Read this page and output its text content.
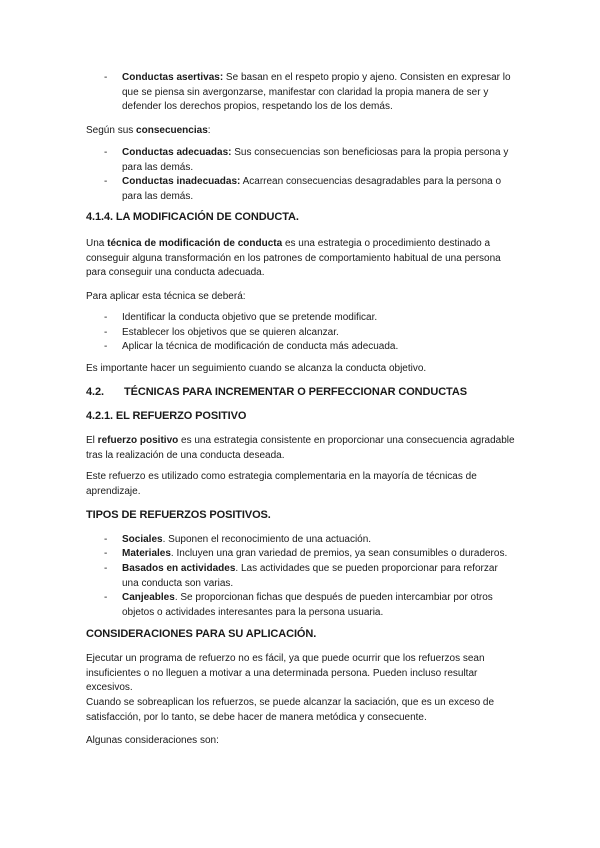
- Conductas asertivas: Se basan en el respeto propio y ajeno. Consisten en expresar lo que se piensa sin avergonzarse, manifestar con claridad la propia manera de ser y defender los derechos propios, respetando los de los demás.

Según sus consecuencias:

- Conductas adecuadas: Sus consecuencias son beneficiosas para la propia persona y para las demás.
- Conductas inadecuadas: Acarrean consecuencias desagradables para la persona o para las demás.

4.1.4. LA MODIFICACIÓN DE CONDUCTA.

Una técnica de modificación de conducta es una estrategia o procedimiento destinado a conseguir alguna transformación en los patrones de comportamiento habitual de una persona para conseguir una conducta adecuada.

Para aplicar esta técnica se deberá:

- Identificar la conducta objetivo que se pretende modificar.
- Establecer los objetivos que se quieren alcanzar.
- Aplicar la técnica de modificación de conducta más adecuada.

Es importante hacer un seguimiento cuando se alcanza la conducta objetivo.

4.2. TÉCNICAS PARA INCREMENTAR O PERFECCIONAR CONDUCTAS

4.2.1. EL REFUERZO POSITIVO

El refuerzo positivo es una estrategia consistente en proporcionar una consecuencia agradable tras la realización de una conducta deseada.

Este refuerzo es utilizado como estrategia complementaria en la mayoría de técnicas de aprendizaje.

TIPOS DE REFUERZOS POSITIVOS.

- Sociales. Suponen el reconocimiento de una actuación.
- Materiales. Incluyen una gran variedad de premios, ya sean consumibles o duraderos.
- Basados en actividades. Las actividades que se pueden proporcionar para reforzar una conducta son varias.
- Canjeables. Se proporcionan fichas que después de pueden intercambiar por otros objetos o actividades interesantes para la persona usuaria.

CONSIDERACIONES PARA SU APLICACIÓN.

Ejecutar un programa de refuerzo no es fácil, ya que puede ocurrir que los refuerzos sean insuficientes o no lleguen a motivar a una determinada persona. Pueden incluso resultar excesivos.

Cuando se sobreaplican los refuerzos, se puede alcanzar la saciación, que es un exceso de satisfacción, por lo tanto, se debe hacer de manera metódica y consecuente.

Algunas consideraciones son:
